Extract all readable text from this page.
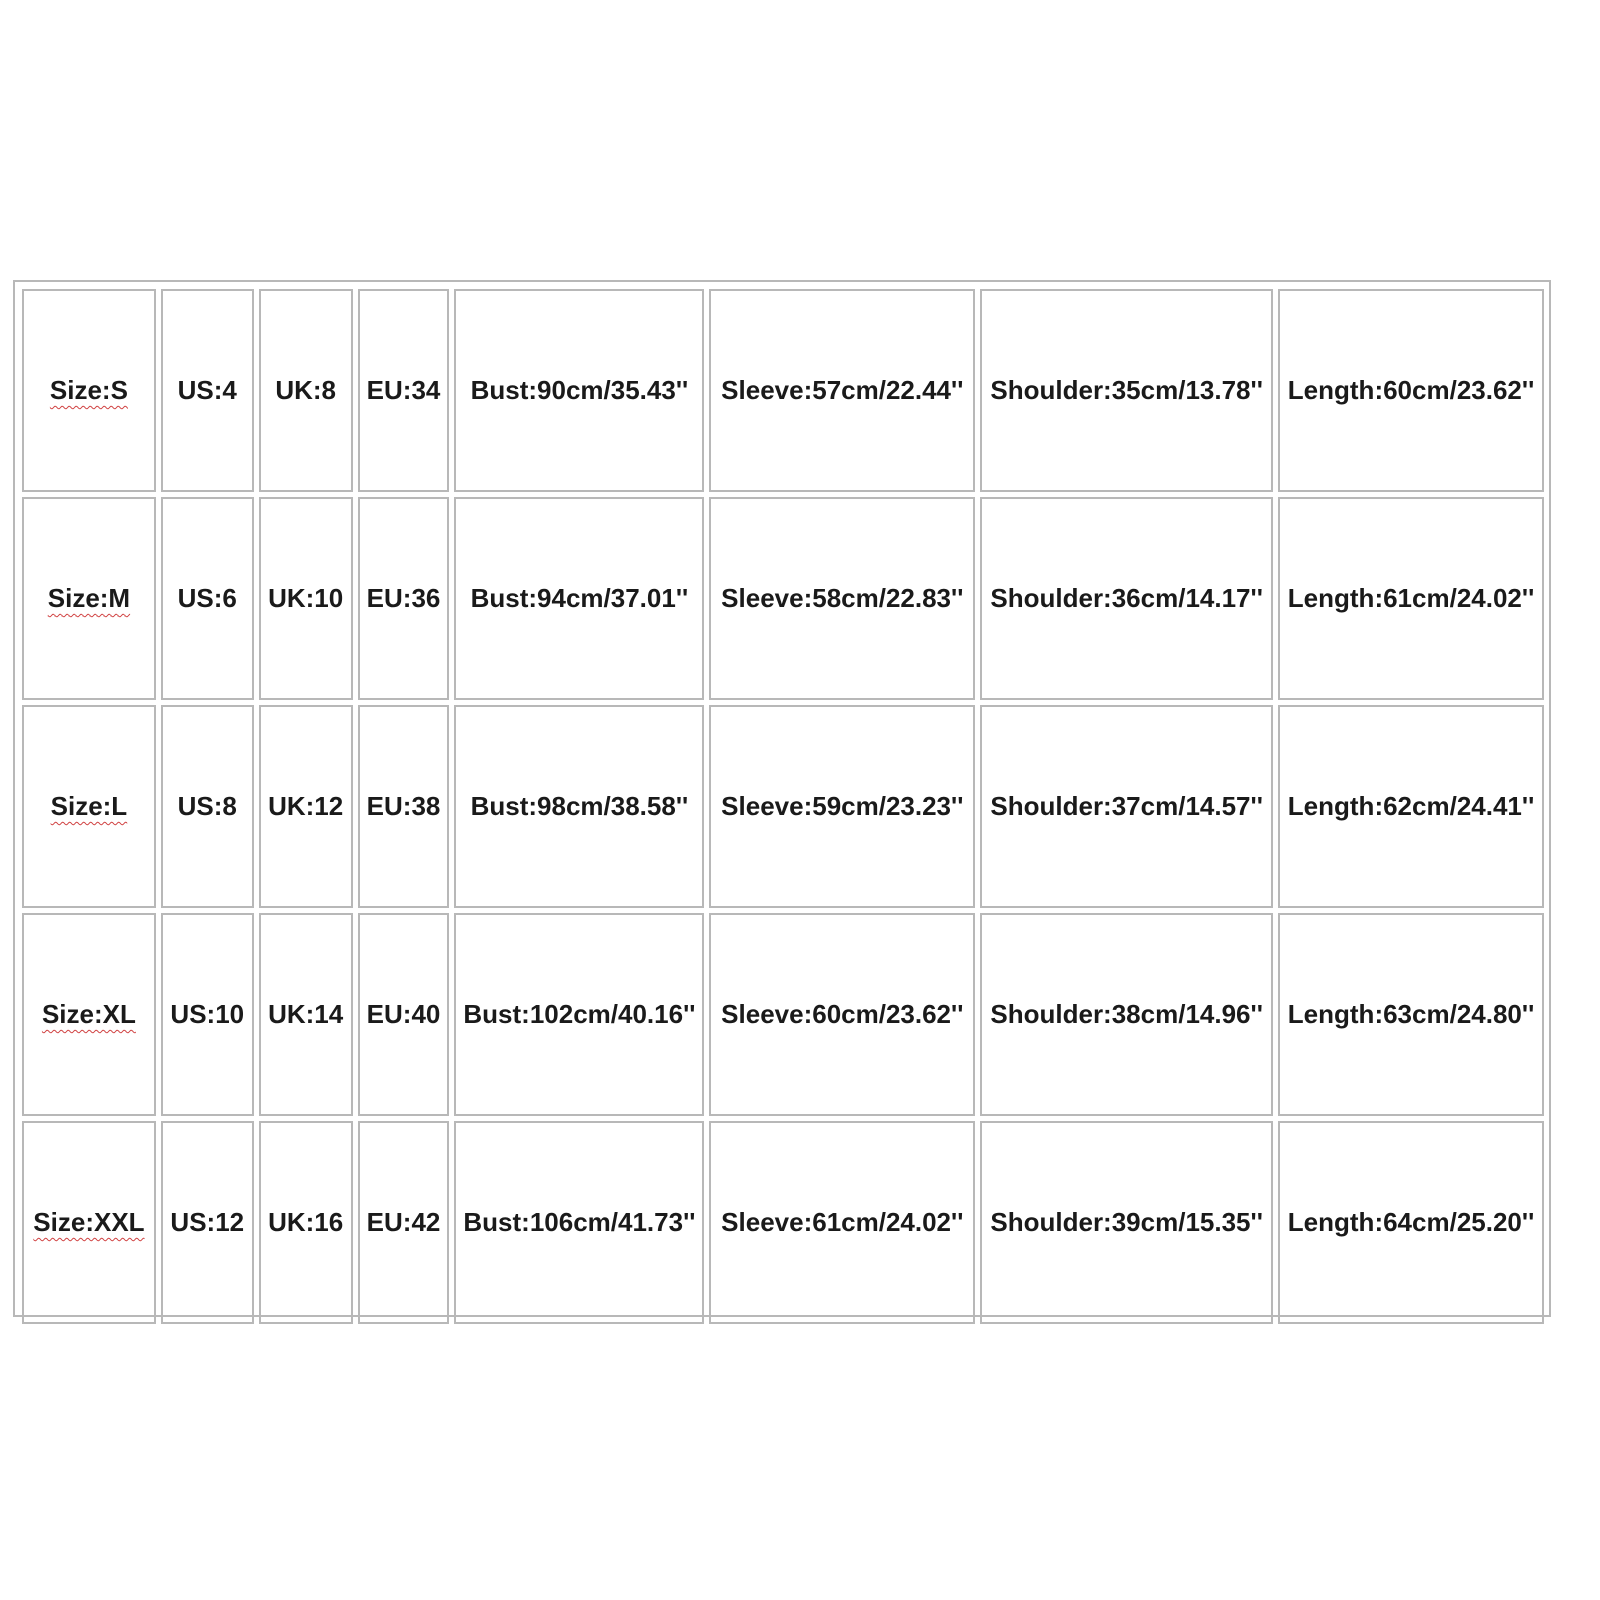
Size:S	US:4	UK:8	EU:34	Bust:90cm/35.43''	Sleeve:57cm/22.44''	Shoulder:35cm/13.78''	Length:60cm/23.62''
Size:M	US:6	UK:10	EU:36	Bust:94cm/37.01''	Sleeve:58cm/22.83''	Shoulder:36cm/14.17''	Length:61cm/24.02''
Size:L	US:8	UK:12	EU:38	Bust:98cm/38.58''	Sleeve:59cm/23.23''	Shoulder:37cm/14.57''	Length:62cm/24.41''
Size:XL	US:10	UK:14	EU:40	Bust:102cm/40.16''	Sleeve:60cm/23.62''	Shoulder:38cm/14.96''	Length:63cm/24.80''
Size:XXL	US:12	UK:16	EU:42	Bust:106cm/41.73''	Sleeve:61cm/24.02''	Shoulder:39cm/15.35''	Length:64cm/25.20''
